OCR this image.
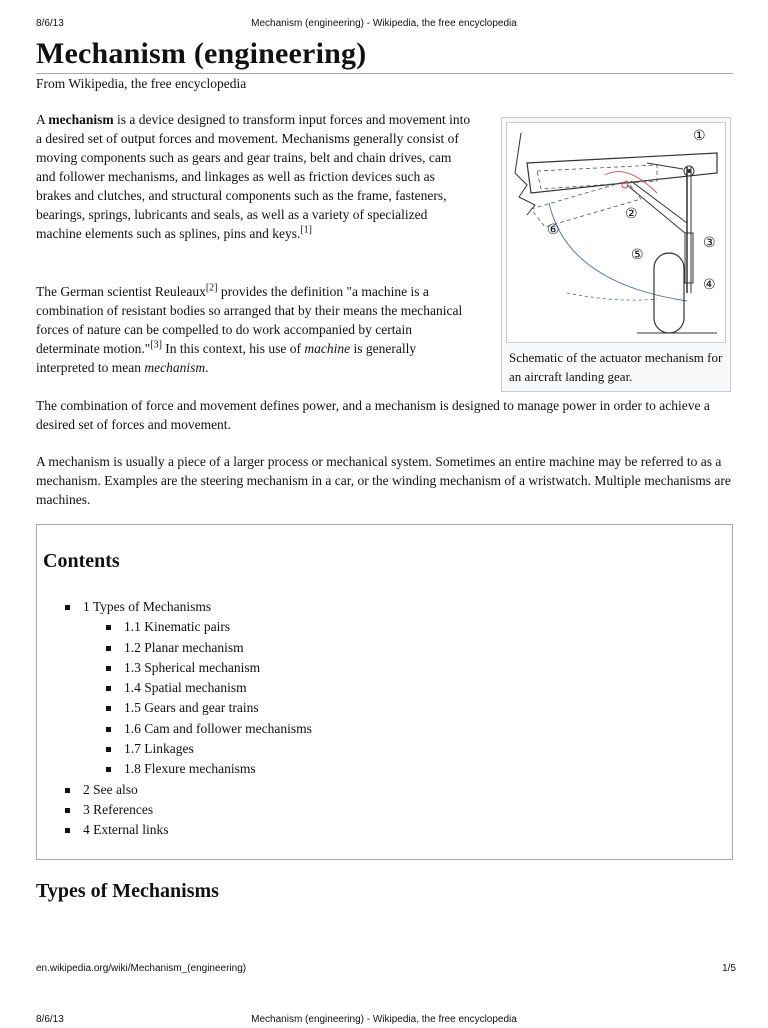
8/6/13	Mechanism (engineering) - Wikipedia, the free encyclopedia
Mechanism (engineering)
From Wikipedia, the free encyclopedia

A mechanism is a device designed to transform input forces and movement into a desired set of output forces and movement. Mechanisms generally consist of moving components such as gears and gear trains, belt and chain drives, cam and follower mechanisms, and linkages as well as friction devices such as brakes and clutches, and structural components such as the frame, fasteners, bearings, springs, lubricants and seals, as well as a variety of specialized machine elements such as splines, pins and keys.[1]

The German scientist Reuleaux[2] provides the definition "a machine is a combination of resistant bodies so arranged that by their means the mechanical forces of nature can be compelled to do work accompanied by certain determinate motion."[3] In this context, his use of machine is generally interpreted to mean mechanism.

①
②
③
④
⑤
⑥
Schematic of the actuator mechanism for an aircraft landing gear.

The combination of force and movement defines power, and a mechanism is designed to manage power in order to achieve a desired set of forces and movement.

A mechanism is usually a piece of a larger process or mechanical system. Sometimes an entire machine may be referred to as a mechanism. Examples are the steering mechanism in a car, or the winding mechanism of a wristwatch. Multiple mechanisms are machines.

Contents
1 Types of Mechanisms
1.1 Kinematic pairs
1.2 Planar mechanism
1.3 Spherical mechanism
1.4 Spatial mechanism
1.5 Gears and gear trains
1.6 Cam and follower mechanisms
1.7 Linkages
1.8 Flexure mechanisms
2 See also
3 References
4 External links
Types of Mechanisms
en.wikipedia.org/wiki/Mechanism_(engineering)	1/5
8/6/13	Mechanism (engineering) - Wikipedia, the free encyclopedia
